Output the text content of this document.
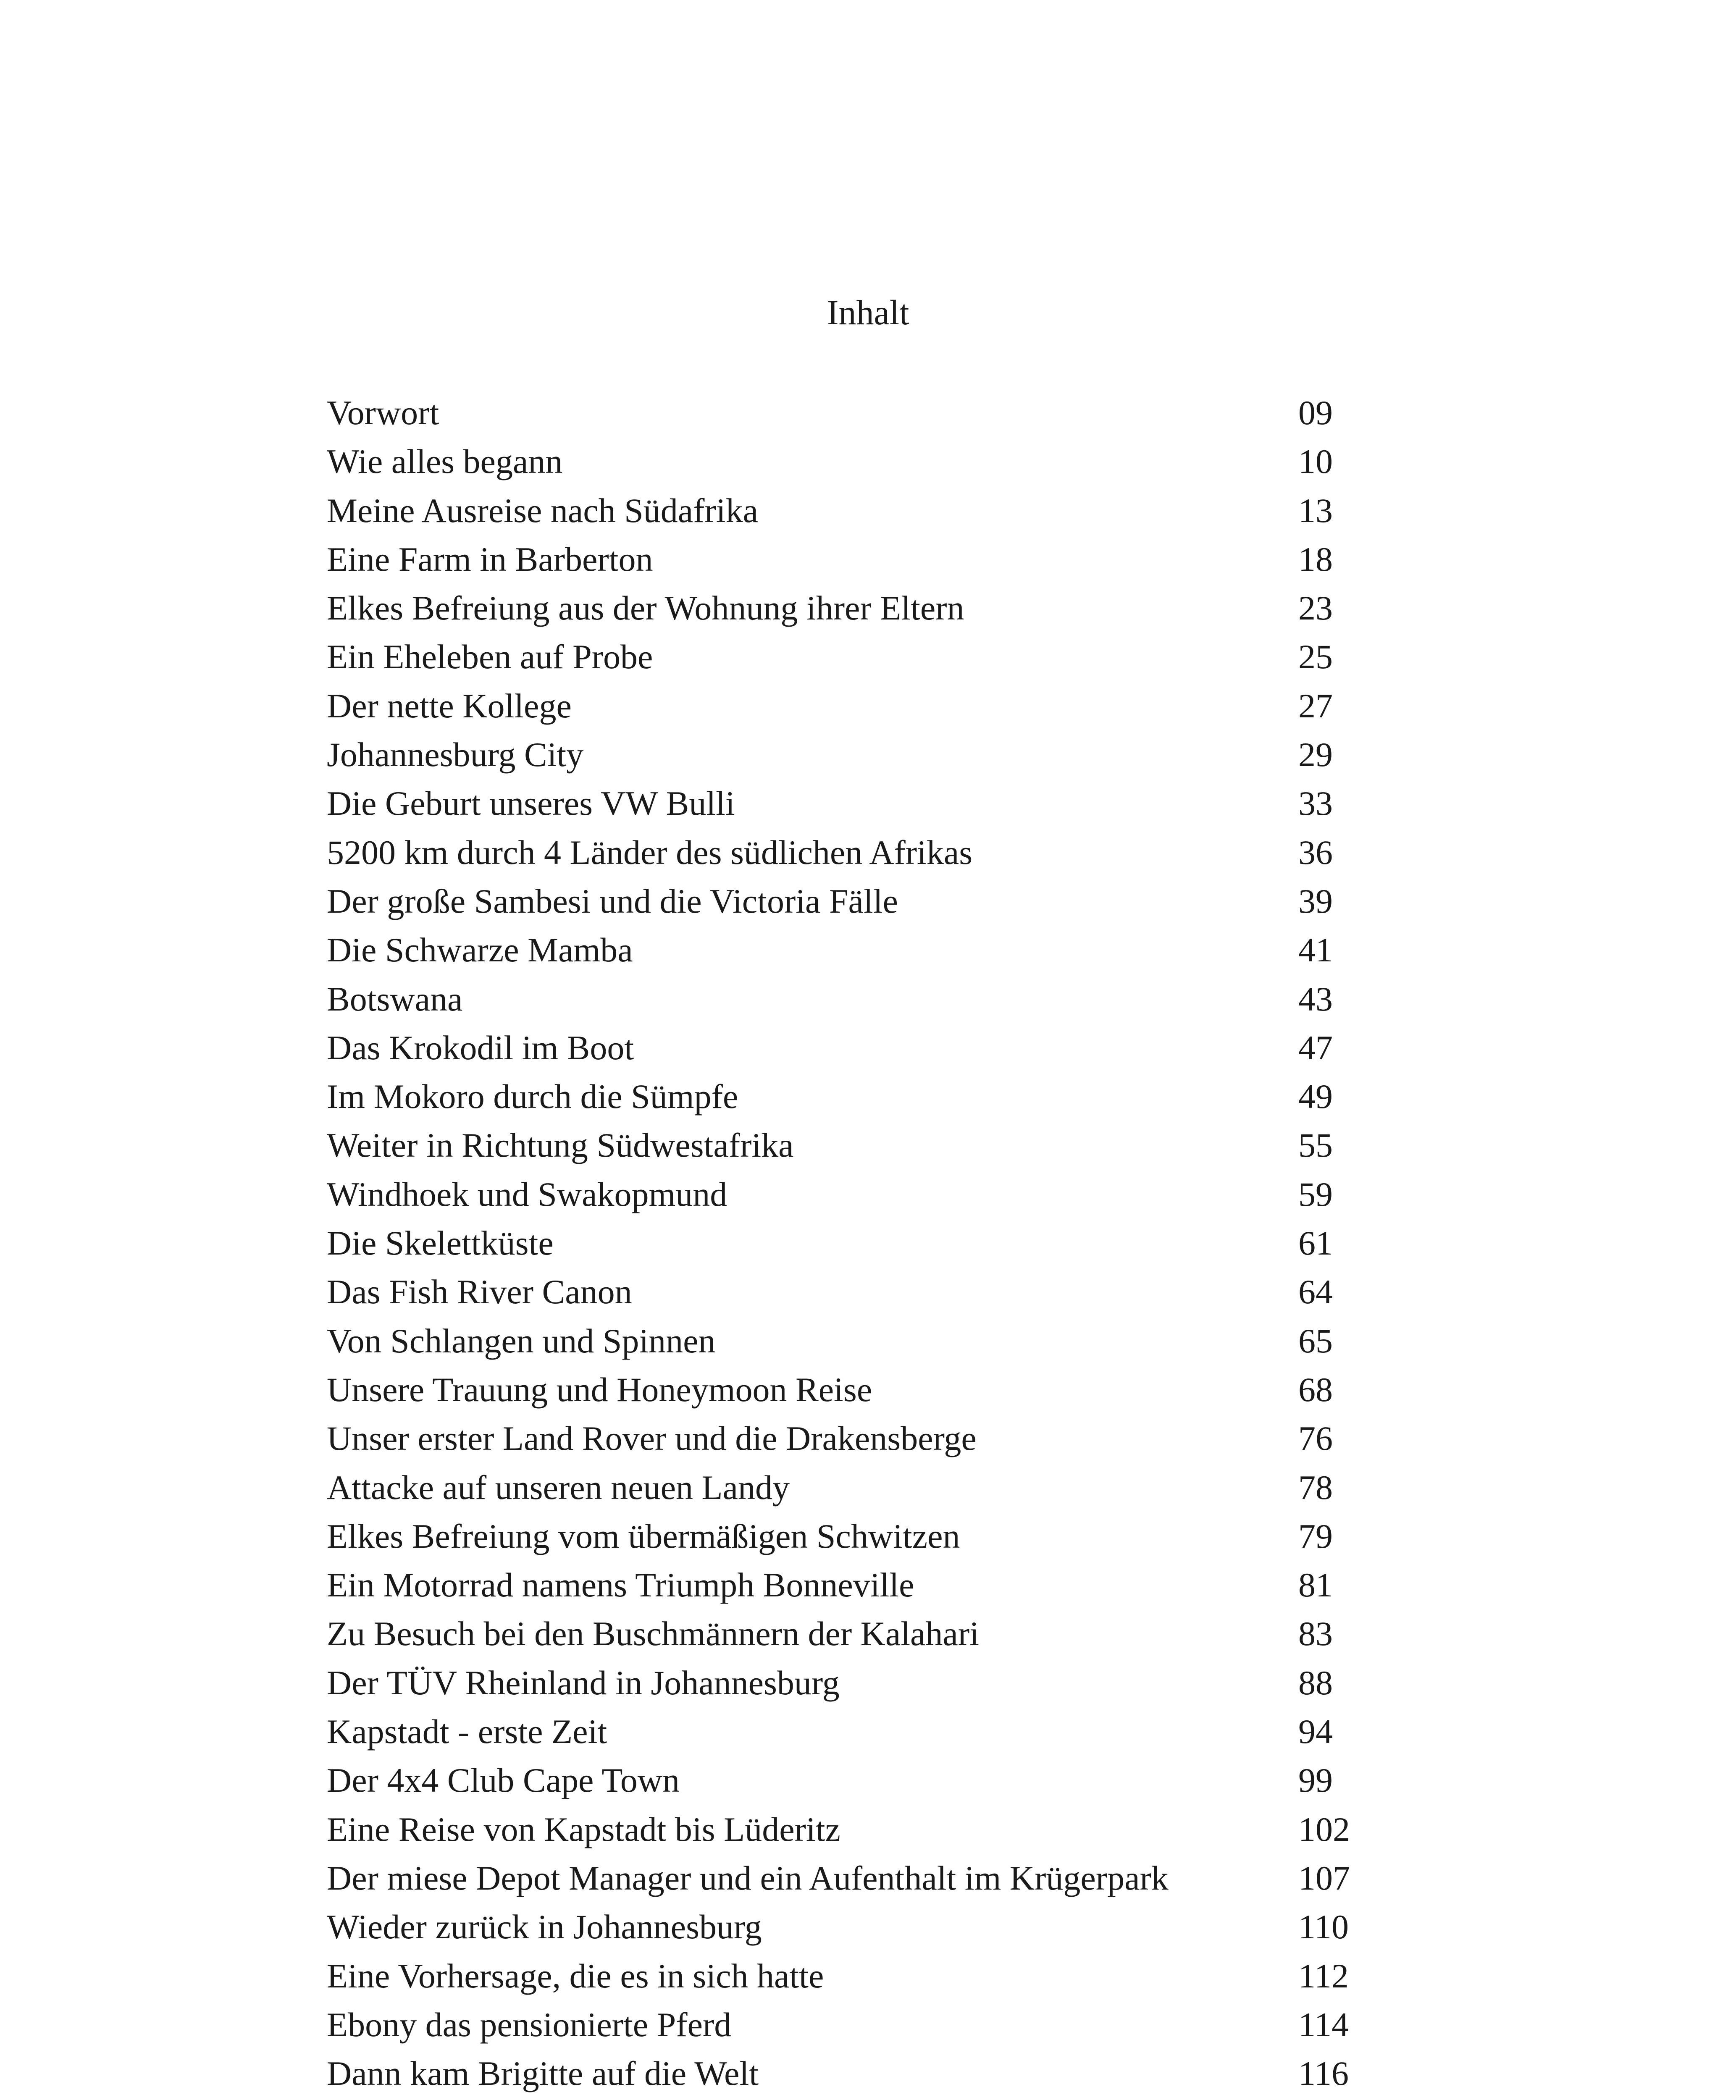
Inhalt
Vorwort	09
Wie alles begann	10
Meine Ausreise nach Südafrika	13
Eine Farm in Barberton	18
Elkes Befreiung aus der Wohnung ihrer Eltern	23
Ein Eheleben auf Probe	25
Der nette Kollege	27
Johannesburg City	29
Die Geburt unseres VW Bulli	33
5200 km durch 4 Länder des südlichen Afrikas	36
Der große Sambesi und die Victoria Fälle	39
Die Schwarze Mamba	41
Botswana	43
Das Krokodil im Boot	47
Im Mokoro durch die Sümpfe	49
Weiter in Richtung Südwestafrika	55
Windhoek und Swakopmund	59
Die Skelettküste	61
Das Fish River Canon	64
Von Schlangen und Spinnen	65
Unsere Trauung und Honeymoon Reise	68
Unser erster Land Rover und die Drakensberge	76
Attacke auf unseren neuen Landy	78
Elkes Befreiung vom übermäßigen Schwitzen	79
Ein Motorrad namens Triumph Bonneville	81
Zu Besuch bei den Buschmännern der Kalahari	83
Der TÜV Rheinland in Johannesburg	88
Kapstadt - erste Zeit	94
Der 4x4 Club Cape Town	99
Eine Reise von Kapstadt bis Lüderitz	102
Der miese Depot Manager und ein Aufenthalt im Krügerpark	107
Wieder zurück in Johannesburg	110
Eine Vorhersage, die es in sich hatte	112
Ebony das pensionierte Pferd	114
Dann kam Brigitte auf die Welt	116
